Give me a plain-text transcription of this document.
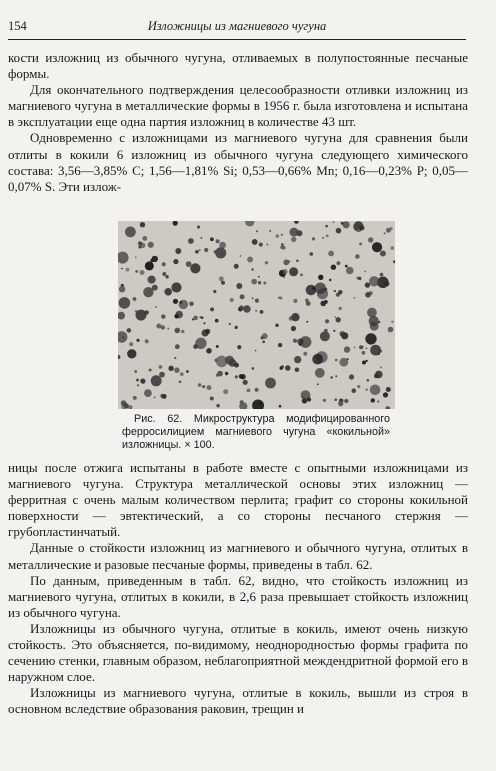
154	Изложницы из магниевого чугуна

кости изложниц из обычного чугуна, отливаемых в полупостоянные песчаные формы.

Для окончательного подтверждения целесообразности отливки изложниц из магниевого чугуна в металлические формы в 1956 г. была изготовлена и испытана в эксплуатации еще одна партия изложниц в количестве 43 шт.

Одновременно с изложницами из магниевого чугуна для сравнения были отлиты в кокили 6 изложниц из обычного чугуна следующего химического состава: 3,56—3,85% C; 1,56—1,81% Si; 0,53—0,66% Mn; 0,16—0,23% P; 0,05—0,07% S. Эти излож-

Рис. 62. Микроструктура модифицированного ферросилицием магниевого чугуна «кокильной» изложницы. × 100.

ницы после отжига испытаны в работе вместе с опытными изложницами из магниевого чугуна. Структура металлической основы этих изложниц — ферритная с очень малым количеством перлита; графит со стороны кокильной поверхности — эвтектический, а со стороны песчаного стержня — грубопластинчатый.

Данные о стойкости изложниц из магниевого и обычного чугуна, отлитых в металлические и разовые песчаные формы, приведены в табл. 62.

По данным, приведенным в табл. 62, видно, что стойкость изложниц из магниевого чугуна, отлитых в кокили, в 2,6 раза превышает стойкость изложниц из обычного чугуна.

Изложницы из обычного чугуна, отлитые в кокиль, имеют очень низкую стойкость. Это объясняется, по-видимому, неоднородностью формы графита по сечению стенки, главным образом, неблагоприятной междендритной формой его в наружном слое.

Изложницы из магниевого чугуна, отлитые в кокиль, вышли из строя в основном вследствие образования раковин, трещин и
